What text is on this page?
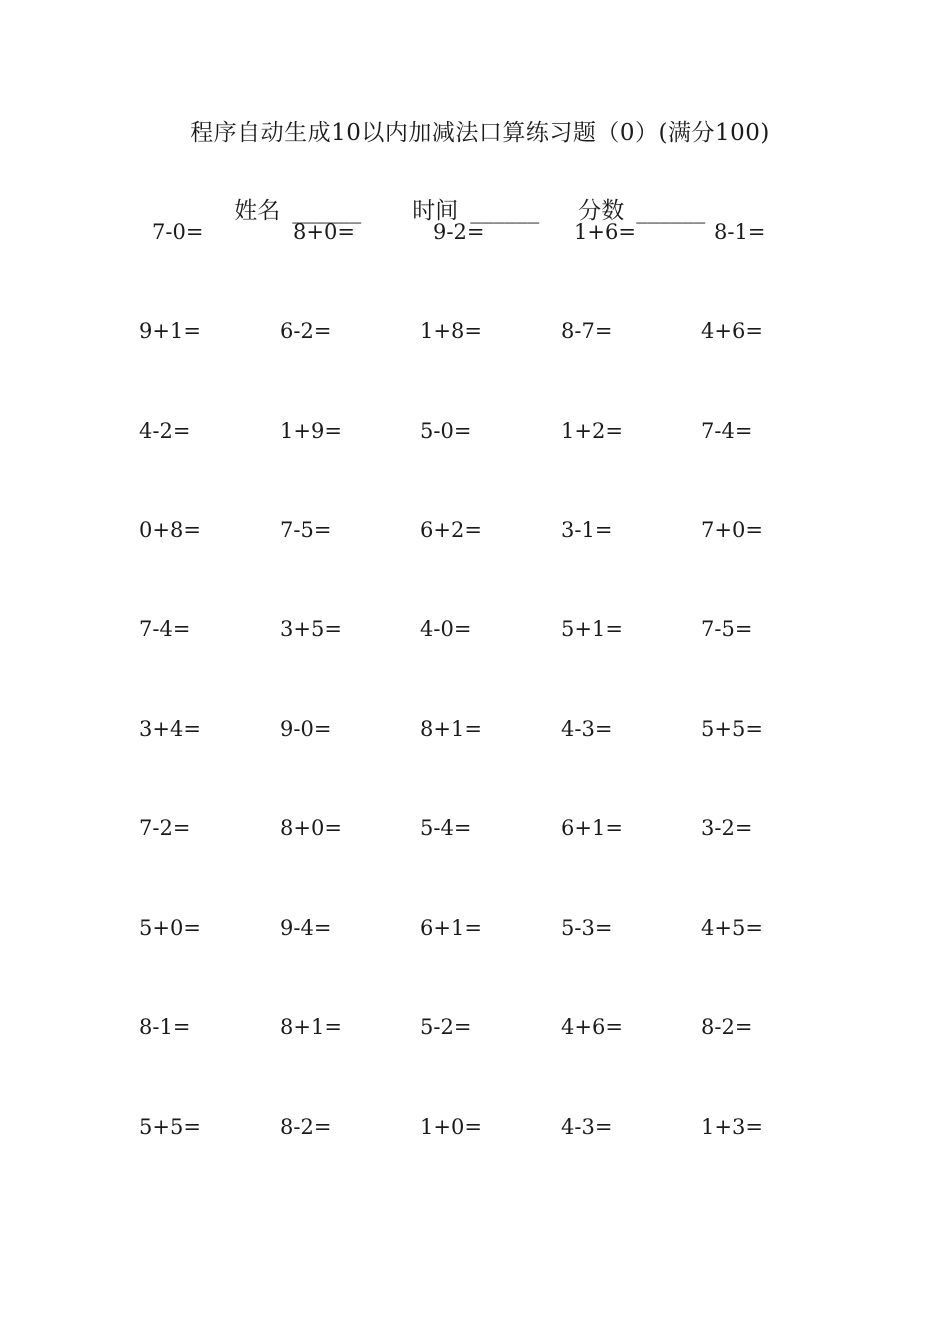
程序自动生成10以内加减法口算练习题（0）(满分100)

姓名 ______
	时间 ______
	分数 ______

7-0=	8+0=	9-2=	1+6=	8-1=
9+1=	6-2=	1+8=	8-7=	4+6=
4-2=	1+9=	5-0=	1+2=	7-4=
0+8=	7-5=	6+2=	3-1=	7+0=
7-4=	3+5=	4-0=	5+1=	7-5=
3+4=	9-0=	8+1=	4-3=	5+5=
7-2=	8+0=	5-4=	6+1=	3-2=
5+0=	9-4=	6+1=	5-3=	4+5=
8-1=	8+1=	5-2=	4+6=	8-2=
5+5=	8-2=	1+0=	4-3=	1+3=
